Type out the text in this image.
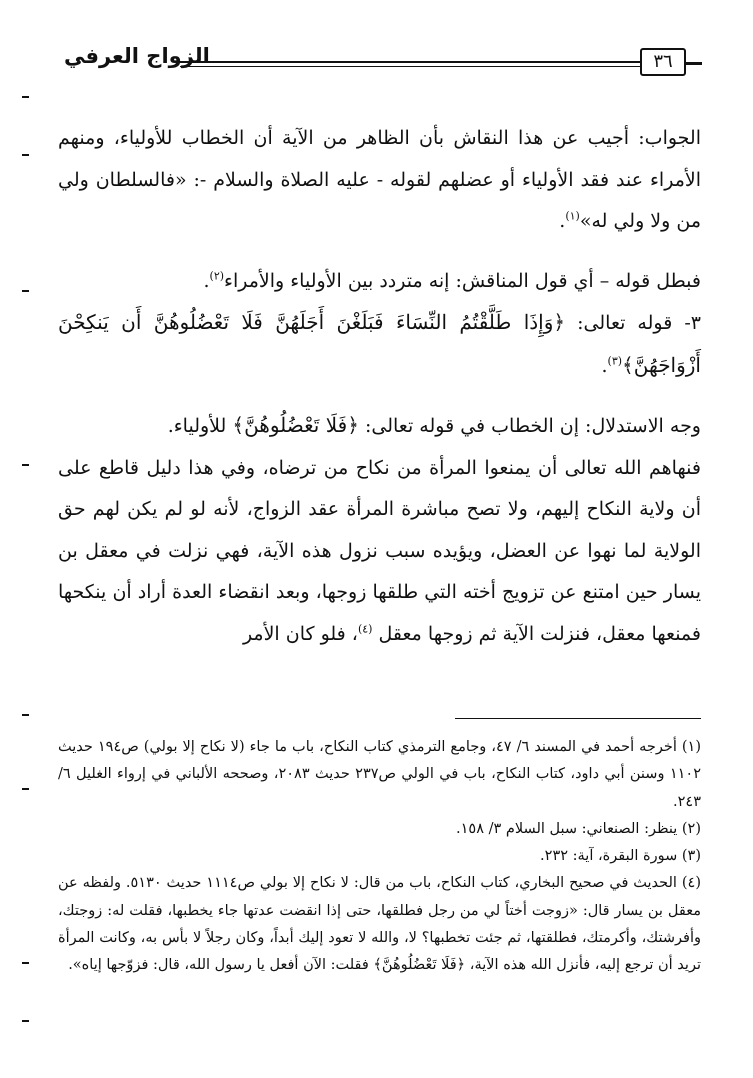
الزواج العرفي	٣٦

الجواب: أجيب عن هذا النقاش بأن الظاهر من الآية أن الخطاب للأولياء، ومنهم الأمراء عند فقد الأولياء أو عضلهم لقوله - عليه الصلاة والسلام -: «فالسلطان ولي من ولا ولي له»$^{(١)}$.

فبطل قوله – أي قول المناقش: إنه متردد بين الأولياء والأمراء$^{(٢)}$.

٣- قوله تعالى: ﴿وَإِذَا طَلَّقْتُمُ النِّسَاءَ فَبَلَغْنَ أَجَلَهُنَّ فَلَا تَعْضُلُوهُنَّ أَن يَنكِحْنَ أَزْوَاجَهُنَّ﴾$^{(٣)}$.

وجه الاستدلال: إن الخطاب في قوله تعالى: ﴿فَلَا تَعْضُلُوهُنَّ﴾ للأولياء.

فنهاهم الله تعالى أن يمنعوا المرأة من نكاح من ترضاه، وفي هذا دليل قاطع على أن ولاية النكاح إليهم، ولا تصح مباشرة المرأة عقد الزواج، لأنه لو لم يكن لهم حق الولاية لما نهوا عن العضل، ويؤيده سبب نزول هذه الآية، فهي نزلت في معقل بن يسار حين امتنع عن تزويج أخته التي طلقها زوجها، وبعد انقضاء العدة أراد أن ينكحها فمنعها معقل، فنزلت الآية ثم زوجها معقل $^{(٤)}$، فلو كان الأمر

(١) أخرجه أحمد في المسند ٦/ ٤٧، وجامع الترمذي كتاب النكاح، باب ما جاء (لا نكاح إلا بولي) ص١٩٤ حديث ١١٠٢ وسنن أبي داود، كتاب النكاح، باب في الولي ص٢٣٧ حديث ٢٠٨٣، وصححه الألباني في إرواء الغليل ٦/ ٢٤٣.

(٢) ينظر: الصنعاني: سبل السلام ٣/ ١٥٨.

(٣) سورة البقرة، آية: ٢٣٢.

(٤) الحديث في صحيح البخاري، كتاب النكاح، باب من قال: لا نكاح إلا بولي ص١١١٤ حديث ٥١٣٠. ولفظه عن معقل بن يسار قال: «زوجت أختاً لي من رجل فطلقها، حتى إذا انقضت عدتها جاء يخطبها، فقلت له: زوجتك، وأفرشتك، وأكرمتك، فطلقتها، ثم جئت تخطبها؟ لا، والله لا تعود إليك أبداً، وكان رجلاً لا بأس به، وكانت المرأة تريد أن ترجع إليه، فأنزل الله هذه الآية، ﴿فَلَا تَعْضُلُوهُنَّ﴾ فقلت: الآن أفعل يا رسول الله، قال: فزوّجها إياه».
